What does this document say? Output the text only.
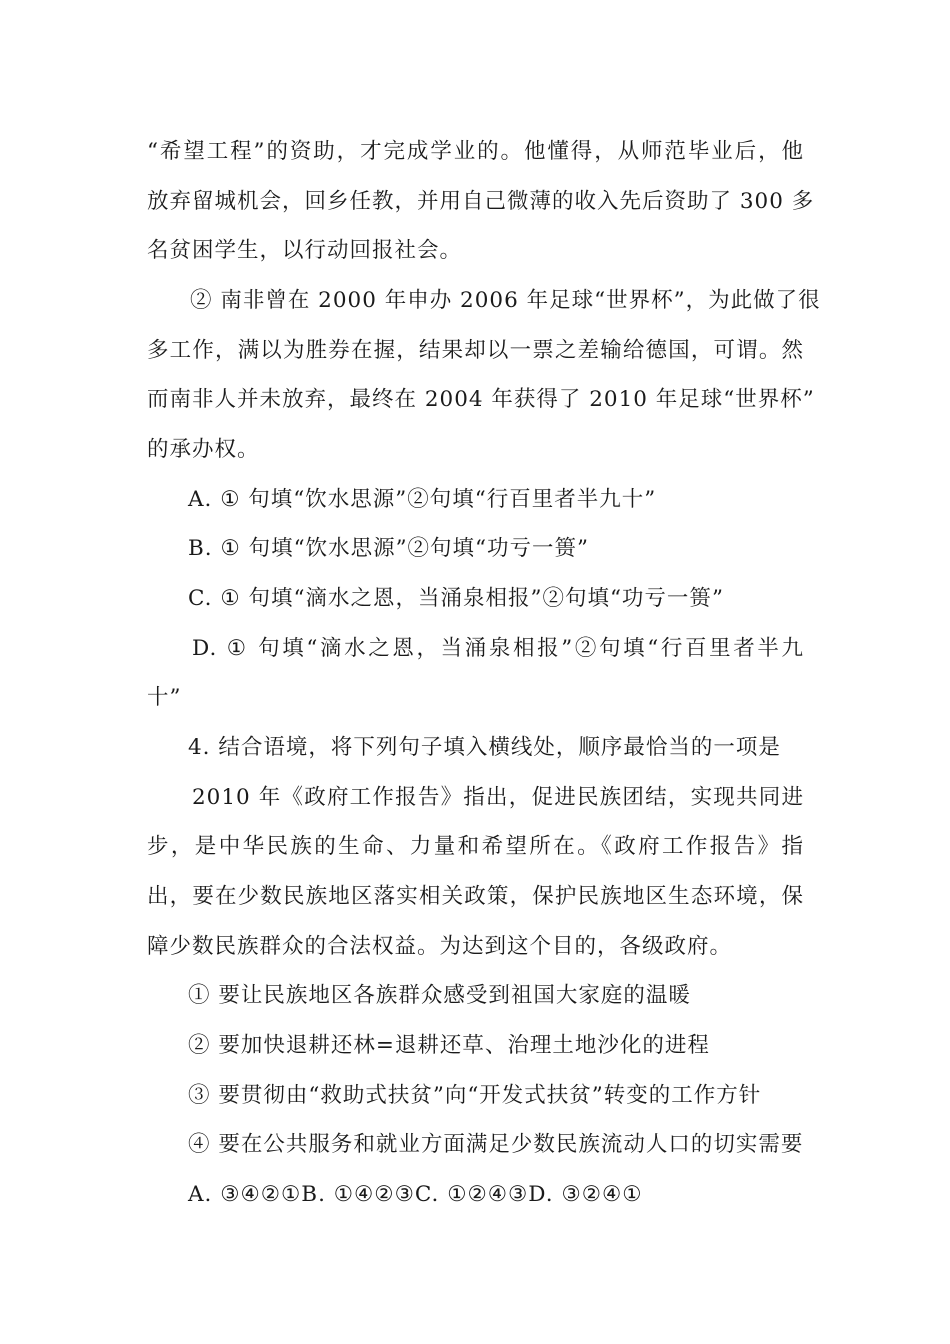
“希望工程”的资助，才完成学业的。他懂得，从师范毕业后，他
放弃留城机会，回乡任教，并用自己微薄的收入先后资助了 300 多
名贫困学生，以行动回报社会。
② 南非曾在 2000 年申办 2006 年足球“世界杯”，为此做了很
多工作，满以为胜券在握，结果却以一票之差输给德国，可谓。然
而南非人并未放弃，最终在 2004 年获得了 2010 年足球“世界杯”
的承办权。
A. ① 句填“饮水思源”②句填“行百里者半九十”
B. ① 句填“饮水思源”②句填“功亏一篑”
C. ① 句填“滴水之恩，当涌泉相报”②句填“功亏一篑”
D. ① 句填“滴水之恩，当涌泉相报”②句填“行百里者半九
十”
4. 结合语境，将下列句子填入横线处，顺序最恰当的一项是
2010 年《政府工作报告》指出，促进民族团结，实现共同进
步，是中华民族的生命、力量和希望所在。《政府工作报告》指
出，要在少数民族地区落实相关政策，保护民族地区生态环境，保
障少数民族群众的合法权益。为达到这个目的，各级政府。
① 要让民族地区各族群众感受到祖国大家庭的温暖
② 要加快退耕还林=退耕还草、治理土地沙化的进程
③ 要贯彻由“救助式扶贫”向“开发式扶贫”转变的工作方针
④ 要在公共服务和就业方面满足少数民族流动人口的切实需要
A. ③④②①B. ①④②③C. ①②④③D. ③②④①
